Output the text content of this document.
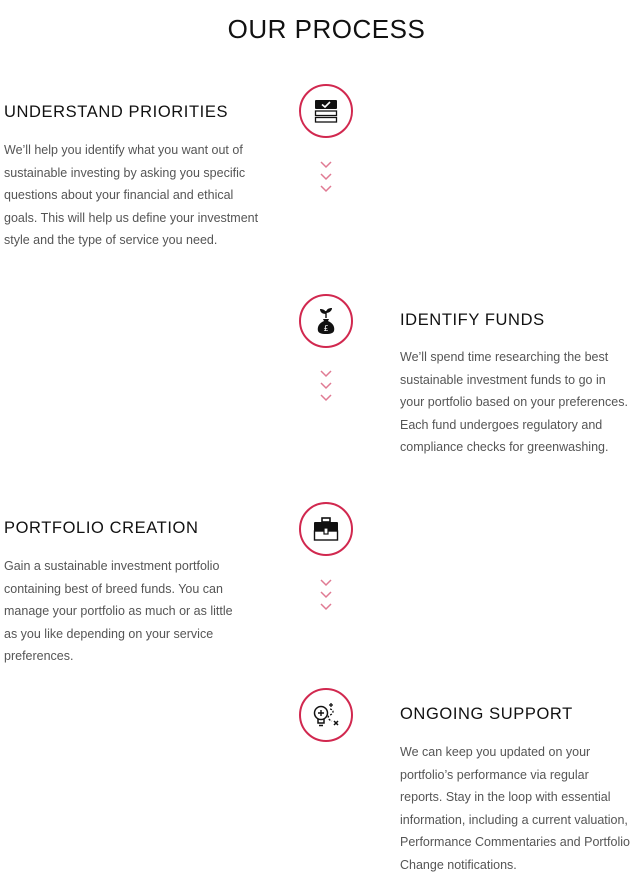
OUR PROCESS
UNDERSTAND PRIORITIES

We’ll help you identify what you want out of sustainable investing by asking you specific questions about your financial and ethical goals. This will help us define your investment style and the type of service you need.

IDENTIFY FUNDS

We’ll spend time researching the best sustainable investment funds to go in your portfolio based on your preferences. Each fund undergoes regulatory and compliance checks for greenwashing.

£
PORTFOLIO CREATION

Gain a sustainable investment portfolio containing best of breed funds. You can manage your portfolio as much or as little as you like depending on your service preferences.

ONGOING SUPPORT

We can keep you updated on your portfolio’s performance via regular reports. Stay in the loop with essential information, including a current valuation, Performance Commentaries and Portfolio Change notifications.
